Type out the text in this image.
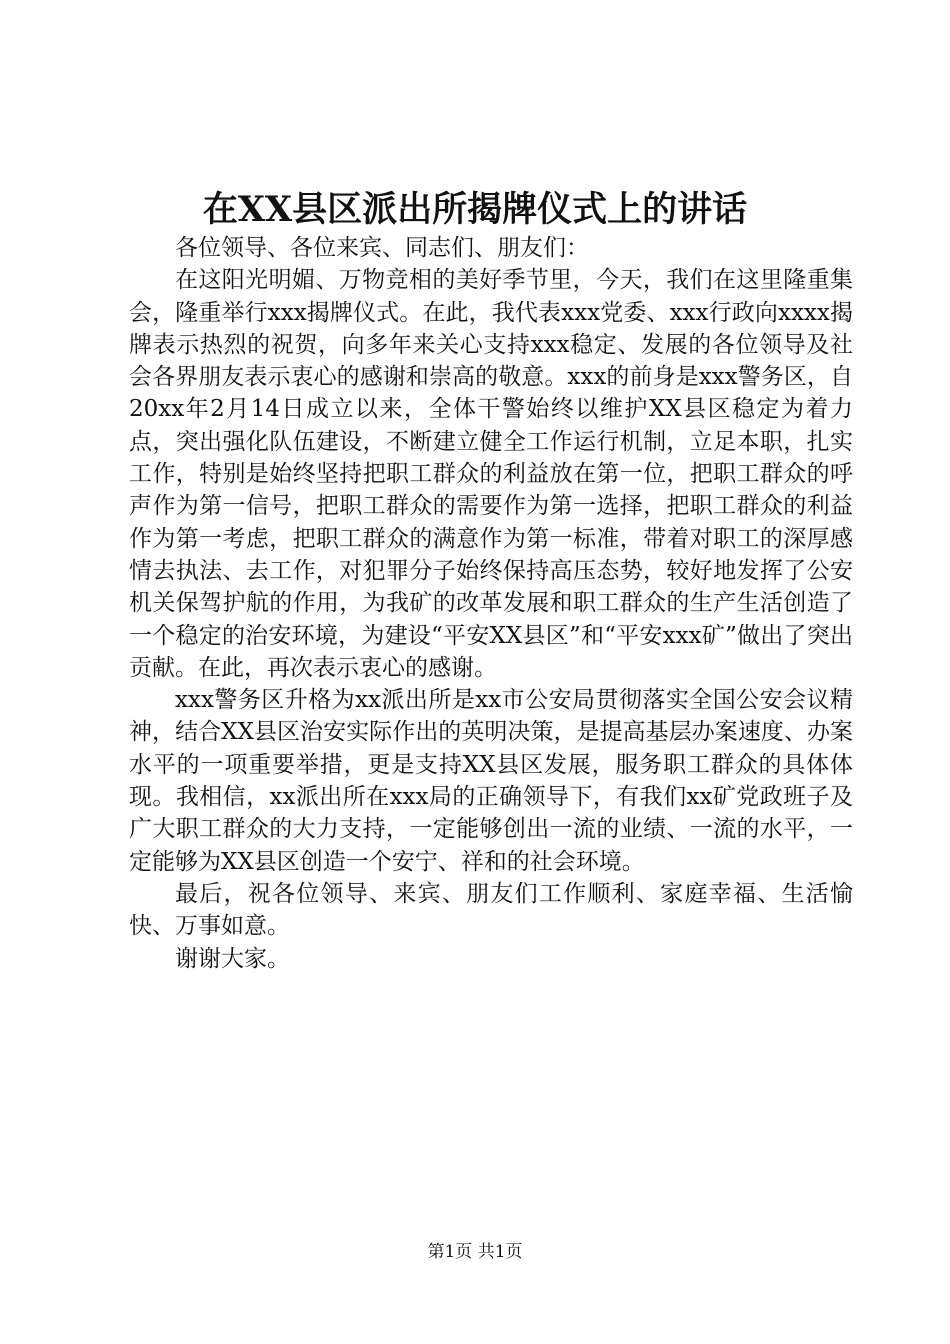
在XX县区派出所揭牌仪式上的讲话

各位领导、各位来宾、同志们、朋友们：

在这阳光明媚、万物竞相的美好季节里，今天，我们在这里隆重集会，隆重举行xxx揭牌仪式。在此，我代表xxx党委、xxx行政向xxxx揭牌表示热烈的祝贺，向多年来关心支持xxx稳定、发展的各位领导及社会各界朋友表示衷心的感谢和崇高的敬意。xxx的前身是xxx警务区，自20xx年2月14日成立以来，全体干警始终以维护XX县区稳定为着力点，突出强化队伍建设，不断建立健全工作运行机制，立足本职，扎实工作，特别是始终坚持把职工群众的利益放在第一位，把职工群众的呼声作为第一信号，把职工群众的需要作为第一选择，把职工群众的利益作为第一考虑，把职工群众的满意作为第一标准，带着对职工的深厚感情去执法、去工作，对犯罪分子始终保持高压态势，较好地发挥了公安机关保驾护航的作用，为我矿的改革发展和职工群众的生产生活创造了一个稳定的治安环境，为建设“平安XX县区”和“平安xxx矿”做出了突出贡献。在此，再次表示衷心的感谢。

xxx警务区升格为xx派出所是xx市公安局贯彻落实全国公安会议精神，结合XX县区治安实际作出的英明决策，是提高基层办案速度、办案水平的一项重要举措，更是支持XX县区发展，服务职工群众的具体体现。我相信，xx派出所在xxx局的正确领导下，有我们xx矿党政班子及广大职工群众的大力支持，一定能够创出一流的业绩、一流的水平，一定能够为XX县区创造一个安宁、祥和的社会环境。

最后，祝各位领导、来宾、朋友们工作顺利、家庭幸福、生活愉快、万事如意。

谢谢大家。

第1页 共1页
